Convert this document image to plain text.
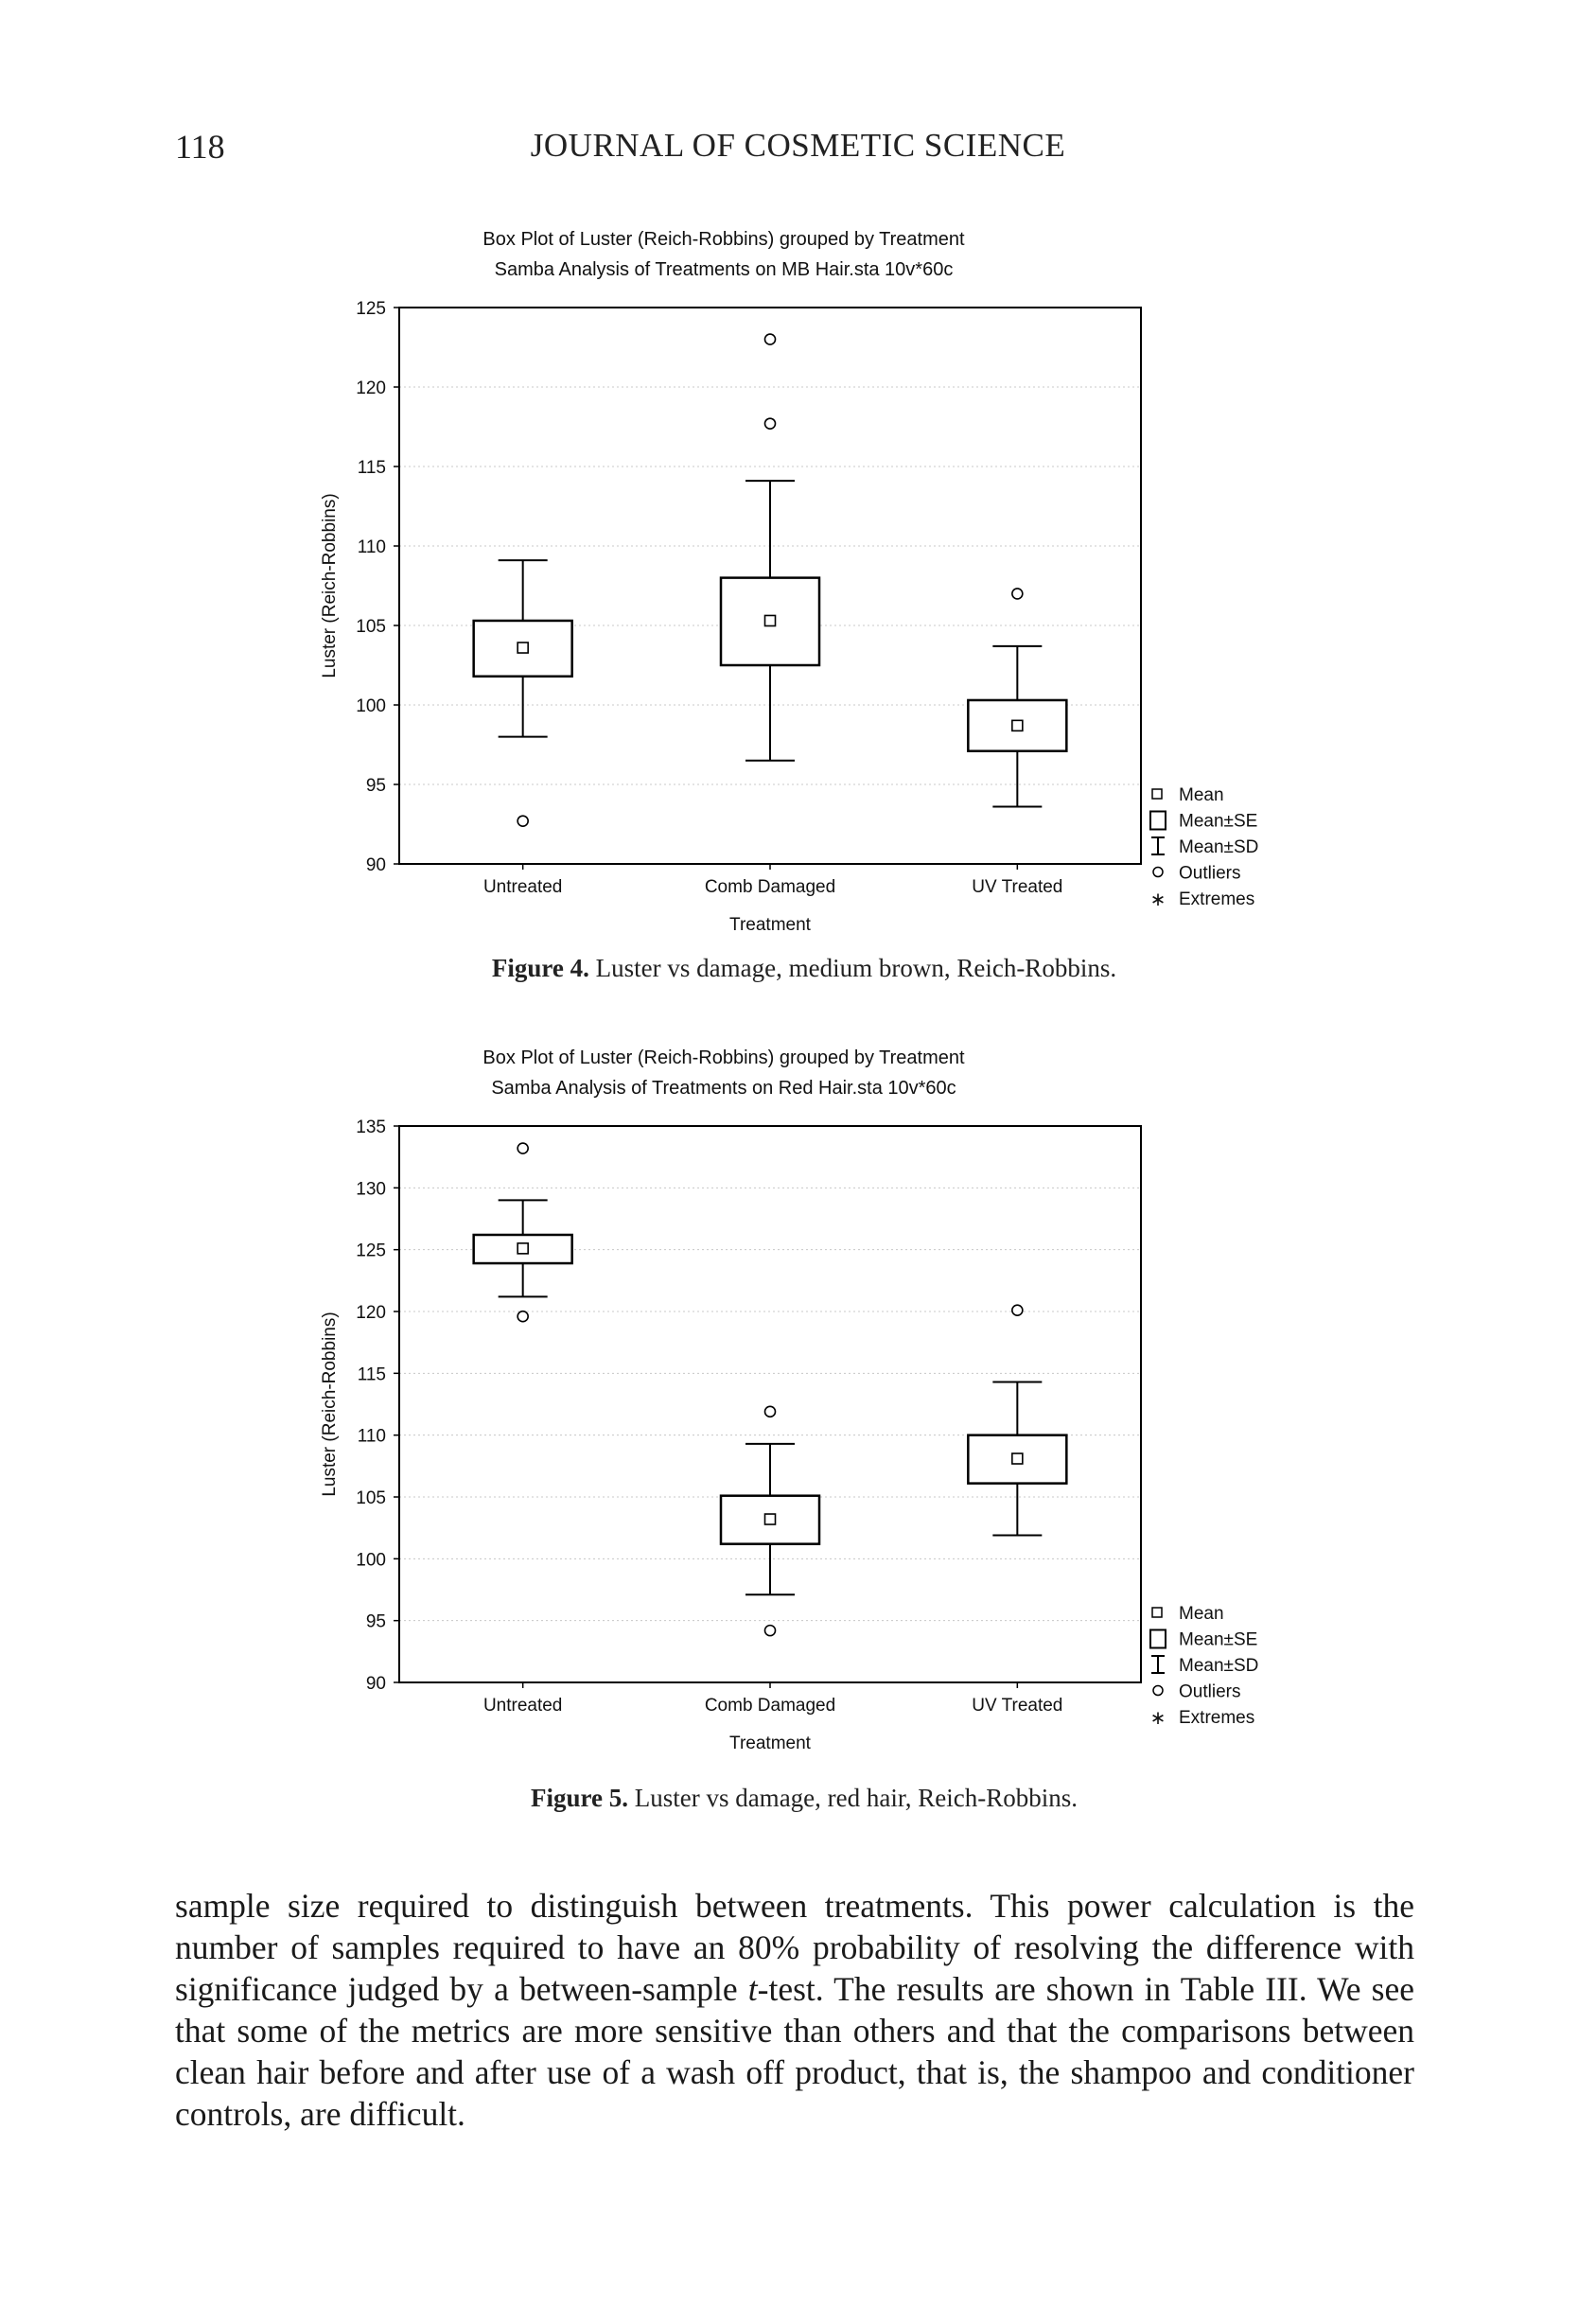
118	JOURNAL OF COSMETIC SCIENCE
Box Plot of Luster (Reich-Robbins) grouped by Treatment
Samba Analysis of Treatments on MB Hair.sta 10v*60c
90
95
100
105
110
115
120
125
Luster (Reich-Robbins)
Untreated	Comb Damaged	UV Treated
Treatment
∗
Mean
Mean±SE
Mean±SD
Outliers
Extremes
Figure 4. Luster vs damage, medium brown, Reich-Robbins.
Box Plot of Luster (Reich-Robbins) grouped by Treatment
Samba Analysis of Treatments on Red Hair.sta 10v*60c
90
95
100
105
110
115
120
125
130
135
Luster (Reich-Robbins)
Untreated	Comb Damaged	UV Treated
Treatment
∗
Mean
Mean±SE
Mean±SD
Outliers
Extremes
Figure 5. Luster vs damage, red hair, Reich-Robbins.

sample size required to distinguish between treatments. This power calculation is the number of samples required to have an 80% probability of resolving the difference with significance judged by a between-sample t-test. The results are shown in Table III. We see that some of the metrics are more sensitive than others and that the comparisons between clean hair before and after use of a wash off product, that is, the shampoo and conditioner controls, are difficult.
